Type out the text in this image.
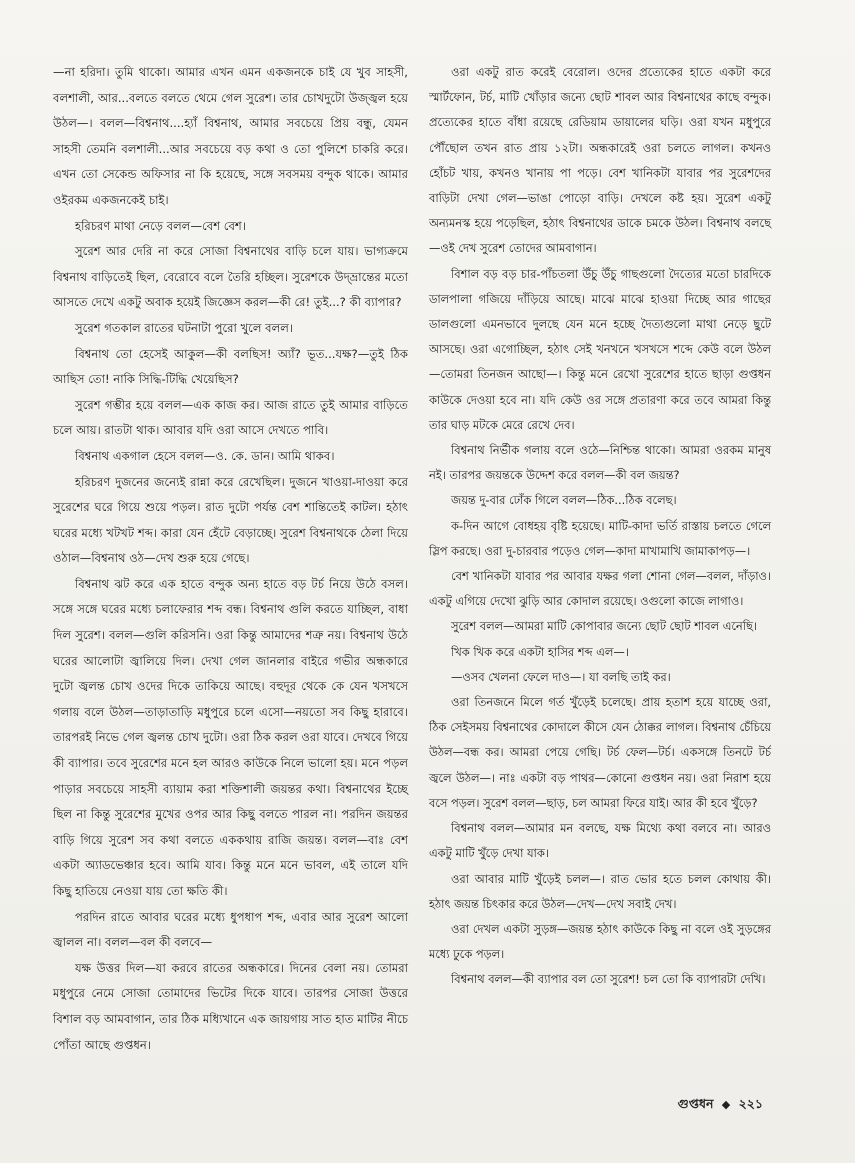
—না হরিদা। তুমি থাকো। আমার এখন এমন একজনকে চাই যে খুব সাহসী, বলশালী, আর...বলতে বলতে থেমে গেল সুরেশ। তার চোখদুটো উজ্জ্বল হয়ে উঠল—। বলল—বিশ্বনাথ....হ্যাঁ বিশ্বনাথ, আমার সবচেয়ে প্রিয় বন্ধু, যেমন সাহসী তেমনি বলশালী...আর সবচেয়ে বড় কথা ও তো পুলিশে চাকরি করে। এখন তো সেকেন্ড অফিসার না কি হয়েছে, সঙ্গে সবসময় বন্দুক থাকে। আমার ওইরকম একজনকেই চাই।

হরিচরণ মাথা নেড়ে বলল—বেশ বেশ।

সুরেশ আর দেরি না করে সোজা বিশ্বনাথের বাড়ি চলে যায়। ভাগ্যক্রমে বিশ্বনাথ বাড়িতেই ছিল, বেরোবে বলে তৈরি হচ্ছিল। সুরেশকে উদ্‌ভ্রান্তের মতো আসতে দেখে একটু অবাক হয়েই জিজ্ঞেস করল—কী রে! তুই...? কী ব্যাপার?

সুরেশ গতকাল রাতের ঘটনাটা পুরো খুলে বলল।

বিশ্বনাথ তো হেসেই আকুল—কী বলছিস! অ্যাঁ? ভূত...যক্ষ?—তুই ঠিক আছিস তো! নাকি সিদ্ধি-টিদ্ধি খেয়েছিস?

সুরেশ গম্ভীর হয়ে বলল—এক কাজ কর। আজ রাতে তুই আমার বাড়িতে চলে আয়। রাতটা থাক। আবার যদি ওরা আসে দেখতে পাবি।

বিশ্বনাথ একগাল হেসে বলল—ও. কে. ডান। আমি থাকব।

হরিচরণ দুজনের জন্যেই রান্না করে রেখেছিল। দুজনে খাওয়া-দাওয়া করে সুরেশের ঘরে গিয়ে শুয়ে পড়ল। রাত দুটো পর্যন্ত বেশ শান্তিতেই কাটল। হঠাৎ ঘরের মধ্যে খটখট শব্দ। কারা যেন হেঁটে বেড়াচ্ছে। সুরেশ বিশ্বনাথকে ঠেলা দিয়ে ওঠাল—বিশ্বনাথ ওঠ—দেখ শুরু হয়ে গেছে।

বিশ্বনাথ ঝট করে এক হাতে বন্দুক অন্য হাতে বড় টর্চ নিয়ে উঠে বসল। সঙ্গে সঙ্গে ঘরের মধ্যে চলাফেরার শব্দ বন্ধ। বিশ্বনাথ গুলি করতে যাচ্ছিল, বাধা দিল সুরেশ। বলল—গুলি করিসনি। ওরা কিন্তু আমাদের শত্রু নয়। বিশ্বনাথ উঠে ঘরের আলোটা জ্বালিয়ে দিল। দেখা গেল জানলার বাইরে গভীর অন্ধকারে দুটো জ্বলন্ত চোখ ওদের দিকে তাকিয়ে আছে। বহুদূর থেকে কে যেন খসখসে গলায় বলে উঠল—তাড়াতাড়ি মধুপুরে চলে এসো—নয়তো সব কিছু হারাবে। তারপরই নিভে গেল জ্বলন্ত চোখ দুটো। ওরা ঠিক করল ওরা যাবে। দেখবে গিয়ে কী ব্যাপার। তবে সুরেশের মনে হল আরও কাউকে নিলে ভালো হয়। মনে পড়ল পাড়ার সবচেয়ে সাহসী ব্যায়াম করা শক্তিশালী জয়ন্তর কথা। বিশ্বনাথের ইচ্ছে ছিল না কিন্তু সুরেশের মুখের ওপর আর কিছু বলতে পারল না। পরদিন জয়ন্তর বাড়ি গিয়ে সুরেশ সব কথা বলতে এককথায় রাজি জয়ন্ত। বলল—বাঃ বেশ একটা অ্যাডভেঞ্চার হবে। আমি যাব। কিন্তু মনে মনে ভাবল, এই তালে যদি কিছু হাতিয়ে নেওয়া যায় তো ক্ষতি কী।

পরদিন রাতে আবার ঘরের মধ্যে ধুপধাপ শব্দ, এবার আর সুরেশ আলো জ্বালল না। বলল—বল কী বলবে—

যক্ষ উত্তর দিল—যা করবে রাতের অন্ধকারে। দিনের বেলা নয়। তোমরা মধুপুরে নেমে সোজা তোমাদের ভিটের দিকে যাবে। তারপর সোজা উত্তরে বিশাল বড় আমবাগান, তার ঠিক মধ্যিখানে এক জায়গায় সাত হাত মাটির নীচে পোঁতা আছে গুপ্তধন।

ওরা একটু রাত করেই বেরোল। ওদের প্রত্যেকের হাতে একটা করে স্মার্টফোন, টর্চ, মাটি খোঁড়ার জন্যে ছোট শাবল আর বিশ্বনাথের কাছে বন্দুক। প্রত্যেকের হাতে বাঁধা রয়েছে রেডিয়াম ডায়ালের ঘড়ি। ওরা যখন মধুপুরে পৌঁছোল তখন রাত প্রায় ১২টা। অন্ধকারেই ওরা চলতে লাগল। কখনও হোঁচট খায়, কখনও খানায় পা পড়ে। বেশ খানিকটা যাবার পর সুরেশদের বাড়িটা দেখা গেল—ভাঙা পোড়ো বাড়ি। দেখলে কষ্ট হয়। সুরেশ একটু অন্যমনস্ক হয়ে পড়েছিল, হঠাৎ বিশ্বনাথের ডাকে চমকে উঠল। বিশ্বনাথ বলছে—ওই দেখ সুরেশ তোদের আমবাগান।

বিশাল বড় বড় চার-পাঁচতলা উঁচু উঁচু গাছগুলো দৈত্যের মতো চারদিকে ডালপালা গজিয়ে দাঁড়িয়ে আছে। মাঝে মাঝে হাওয়া দিচ্ছে আর গাছের ডালগুলো এমনভাবে দুলছে যেন মনে হচ্ছে দৈত্যগুলো মাথা নেড়ে ছুটে আসছে। ওরা এগোচ্ছিল, হঠাৎ সেই খনখনে খসখসে শব্দে কেউ বলে উঠল—তোমরা তিনজন আছো—। কিন্তু মনে রেখো সুরেশের হাতে ছাড়া গুপ্তধন কাউকে দেওয়া হবে না। যদি কেউ ওর সঙ্গে প্রতারণা করে তবে আমরা কিন্তু তার ঘাড় মটকে মেরে রেখে দেব।

বিশ্বনাথ নির্ভীক গলায় বলে ওঠে—নিশ্চিন্ত থাকো। আমরা ওরকম মানুষ নই। তারপর জয়ন্তকে উদ্দেশ করে বলল—কী বল জয়ন্ত?

জয়ন্ত দু-বার ঢোঁক গিলে বলল—ঠিক...ঠিক বলেছ।

ক-দিন আগে বোধহয় বৃষ্টি হয়েছে। মাটি-কাদা ভর্তি রাস্তায় চলতে গেলে স্লিপ করছে। ওরা দু-চারবার পড়েও গেল—কাদা মাখামাখি জামাকাপড়—।

বেশ খানিকটা যাবার পর আবার যক্ষর গলা শোনা গেল—বলল, দাঁড়াও। একটু এগিয়ে দেখো ঝুড়ি আর কোদাল রয়েছে। ওগুলো কাজে লাগাও।

সুরেশ বলল—আমরা মাটি কোপাবার জন্যে ছোট ছোট শাবল এনেছি।

খিক খিক করে একটা হাসির শব্দ এল—।

—ওসব খেলনা ফেলে দাও—। যা বলছি তাই কর।

ওরা তিনজনে মিলে গর্ত খুঁড়েই চলেছে। প্রায় হতাশ হয়ে যাচ্ছে ওরা, ঠিক সেইসময় বিশ্বনাথের কোদালে কীসে যেন ঠোক্কর লাগল। বিশ্বনাথ চেঁচিয়ে উঠল—বন্ধ কর। আমরা পেয়ে গেছি। টর্চ ফেল—টর্চ। একসঙ্গে তিনটে টর্চ জ্বলে উঠল—। নাঃ একটা বড় পাথর—কোনো গুপ্তধন নয়। ওরা নিরাশ হয়ে বসে পড়ল। সুরেশ বলল—ছাড়, চল আমরা ফিরে যাই। আর কী হবে খুঁড়ে?

বিশ্বনাথ বলল—আমার মন বলছে, যক্ষ মিথ্যে কথা বলবে না। আরও একটু মাটি খুঁড়ে দেখা যাক।

ওরা আবার মাটি খুঁড়েই চলল—। রাত ভোর হতে চলল কোথায় কী। হঠাৎ জয়ন্ত চিৎকার করে উঠল—দেখ—দেখ সবাই দেখ।

ওরা দেখল একটা সুড়ঙ্গ—জয়ন্ত হঠাৎ কাউকে কিছু না বলে ওই সুড়ঙ্গের মধ্যে ঢুকে পড়ল।

বিশ্বনাথ বলল—কী ব্যাপার বল তো সুরেশ! চল তো কি ব্যাপারটা দেখি।

গুপ্তধন ◆ ২২১
